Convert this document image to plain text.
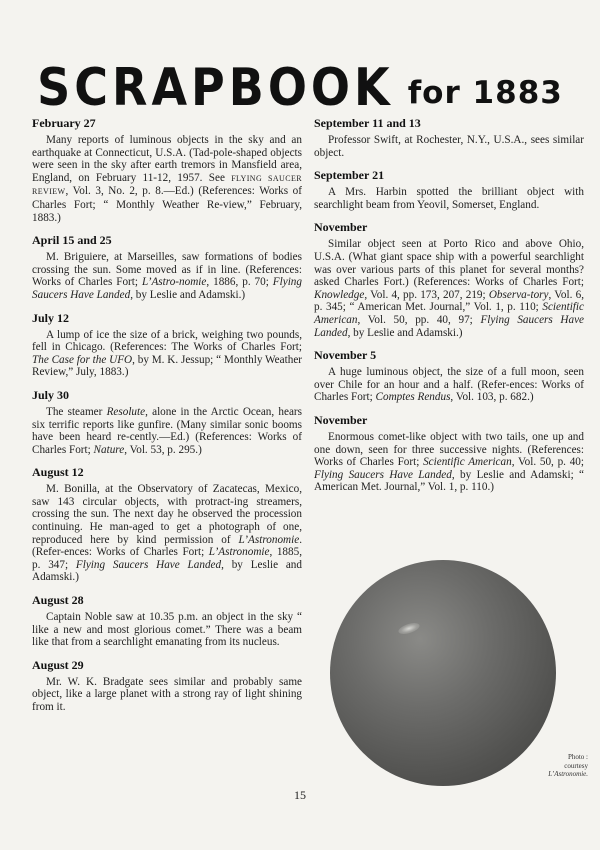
SCRAPBOOK for 1883
February 27

Many reports of luminous objects in the sky and an earthquake at Connecticut, U.S.A. (Tad-pole-shaped objects were seen in the sky after earth tremors in Mansfield area, England, on February 11-12, 1957. See FLYING SAUCER REVIEW, Vol. 3, No. 2, p. 8.—Ed.) (References: Works of Charles Fort; “ Monthly Weather Re-view,” February, 1883.)

April 15 and 25

M. Briguiere, at Marseilles, saw formations of bodies crossing the sun. Some moved as if in line. (References: Works of Charles Fort; L’Astro-nomie, 1886, p. 70; Flying Saucers Have Landed, by Leslie and Adamski.)

July 12

A lump of ice the size of a brick, weighing two pounds, fell in Chicago. (References: The Works of Charles Fort; The Case for the UFO, by M. K. Jessup; “ Monthly Weather Review,” July, 1883.)

July 30

The steamer Resolute, alone in the Arctic Ocean, hears six terrific reports like gunfire. (Many similar sonic booms have been heard re-cently.—Ed.) (References: Works of Charles Fort; Nature, Vol. 53, p. 295.)

August 12

M. Bonilla, at the Observatory of Zacatecas, Mexico, saw 143 circular objects, with protract-ing streamers, crossing the sun. The next day he observed the procession continuing. He man-aged to get a photograph of one, reproduced here by kind permission of L’Astronomie. (Refer-ences: Works of Charles Fort; L’Astronomie, 1885, p. 347; Flying Saucers Have Landed, by Leslie and Adamski.)

August 28

Captain Noble saw at 10.35 p.m. an object in the sky “ like a new and most glorious comet.” There was a beam like that from a searchlight emanating from its nucleus.

August 29

Mr. W. K. Bradgate sees similar and probably same object, like a large planet with a strong ray of light shining from it.

September 11 and 13

Professor Swift, at Rochester, N.Y., U.S.A., sees similar object.

September 21

A Mrs. Harbin spotted the brilliant object with searchlight beam from Yeovil, Somerset, England.

November

Similar object seen at Porto Rico and above Ohio, U.S.A. (What giant space ship with a powerful searchlight was over various parts of this planet for several months? asked Charles Fort.) (References: Works of Charles Fort; Knowledge, Vol. 4, pp. 173, 207, 219; Observa-tory, Vol. 6, p. 345; “ American Met. Journal,” Vol. 1, p. 110; Scientific American, Vol. 50, pp. 40, 97; Flying Saucers Have Landed, by Leslie and Adamski.)

November 5

A huge luminous object, the size of a full moon, seen over Chile for an hour and a half. (Refer-ences: Works of Charles Fort; Comptes Rendus, Vol. 103, p. 682.)

November

Enormous comet-like object with two tails, one up and one down, seen for three successive nights. (References: Works of Charles Fort; Scientific American, Vol. 50, p. 40; Flying Saucers Have Landed, by Leslie and Adamski; “ American Met. Journal,” Vol. 1, p. 110.)

Photo :
courtesy
L’Astronomie.
15
